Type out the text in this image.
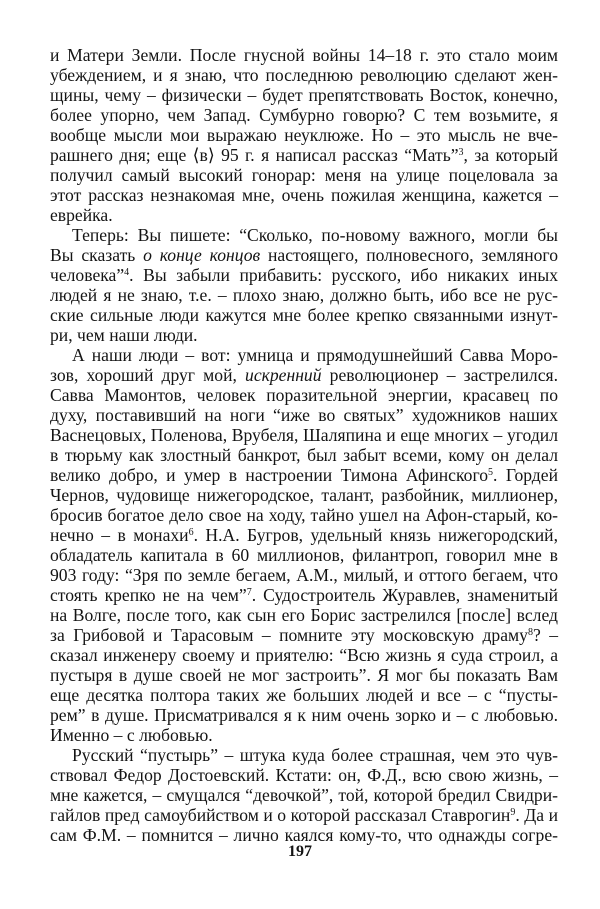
и Матери Земли. После гнусной войны 14–18 г. это стало моим
убеждением, и я знаю, что последнюю революцию сделают жен-
щины, чему – физически – будет препятствовать Восток, конечно,
более упорно, чем Запад. Сумбурно говорю? С тем возьмите, я
вообще мысли мои выражаю неуклюже. Но – это мысль не вче-
рашнего дня; еще ⟨в⟩ 95 г. я написал рассказ “Мать”$^3$, за который
получил самый высокий гонорар: меня на улице поцеловала за
этот рассказ незнакомая мне, очень пожилая женщина, кажется –
еврейка.
Теперь: Вы пишете: “Сколько, по-новому важного, могли бы
Вы сказать о конце концов настоящего, полновесного, земляного
человека”$^4$. Вы забыли прибавить: русского, ибо никаких иных
людей я не знаю, т.е. – плохо знаю, должно быть, ибо все не рус-
ские сильные люди кажутся мне более крепко связанными изнут-
ри, чем наши люди.
А наши люди – вот: умница и прямодушнейший Савва Моро-
зов, хороший друг мой, искренний революционер – застрелился.
Савва Мамонтов, человек поразительной энергии, красавец по
духу, поставивший на ноги “иже во святых” художников наших
Васнецовых, Поленова, Врубеля, Шаляпина и еще многих – угодил
в тюрьму как злостный банкрот, был забыт всеми, кому он делал
велико добро, и умер в настроении Тимона Афинского$^5$. Гордей
Чернов, чудовище нижегородское, талант, разбойник, миллионер,
бросив богатое дело свое на ходу, тайно ушел на Афон-старый, ко-
нечно – в монахи$^6$. Н.А. Бугров, удельный князь нижегородский,
обладатель капитала в 60 миллионов, филантроп, говорил мне в
903 году: “Зря по земле бегаем, А.М., милый, и оттого бегаем, что
стоять крепко не на чем”$^7$. Судостроитель Журавлев, знаменитый
на Волге, после того, как сын его Борис застрелился [после] вслед
за Грибовой и Тарасовым – помните эту московскую драму$^8$? –
сказал инженеру своему и приятелю: “Всю жизнь я суда строил, а
пустыря в душе своей не мог застроить”. Я мог бы показать Вам
еще десятка полтора таких же больших людей и все – с “пусты-
рем” в душе. Присматривался я к ним очень зорко и – с любовью.
Именно – с любовью.
Русский “пустырь” – штука куда более страшная, чем это чув-
ствовал Федор Достоевский. Кстати: он, Ф.Д., всю свою жизнь, –
мне кажется, – смущался “девочкой”, той, которой бредил Свидри-
гайлов пред самоубийством и о которой рассказал Ставрогин$^9$. Да и
сам Ф.М. – помнится – лично каялся кому-то, что однажды согре-
197
